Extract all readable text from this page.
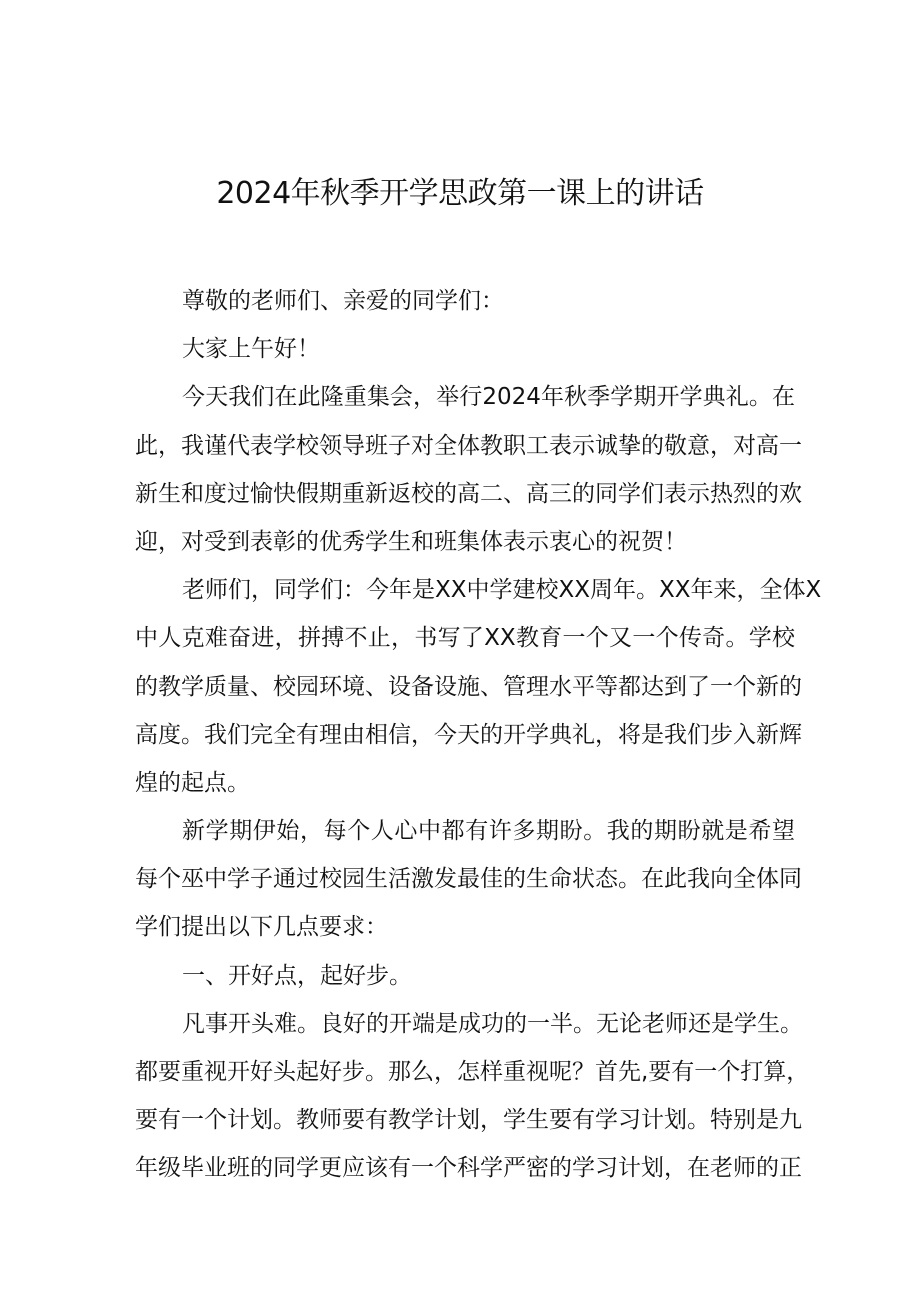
2024年秋季开学思政第一课上的讲话
尊敬的老师们、亲爱的同学们：
大家上午好！
今天我们在此隆重集会，举行2024年秋季学期开学典礼。在
此，我谨代表学校领导班子对全体教职工表示诚挚的敬意，对高一
新生和度过愉快假期重新返校的高二、高三的同学们表示热烈的欢
迎，对受到表彰的优秀学生和班集体表示衷心的祝贺！
老师们，同学们：今年是XX中学建校XX周年。XX年来，全体X
中人克难奋进，拼搏不止，书写了XX教育一个又一个传奇。学校
的教学质量、校园环境、设备设施、管理水平等都达到了一个新的
高度。我们完全有理由相信，今天的开学典礼，将是我们步入新辉
煌的起点。
新学期伊始，每个人心中都有许多期盼。我的期盼就是希望
每个巫中学子通过校园生活激发最佳的生命状态。在此我向全体同
学们提出以下几点要求：
一、开好点，起好步。
凡事开头难。良好的开端是成功的一半。无论老师还是学生。
都要重视开好头起好步。那么，怎样重视呢？首先,要有一个打算，
要有一个计划。教师要有教学计划，学生要有学习计划。特别是九
年级毕业班的同学更应该有一个科学严密的学习计划，在老师的正
